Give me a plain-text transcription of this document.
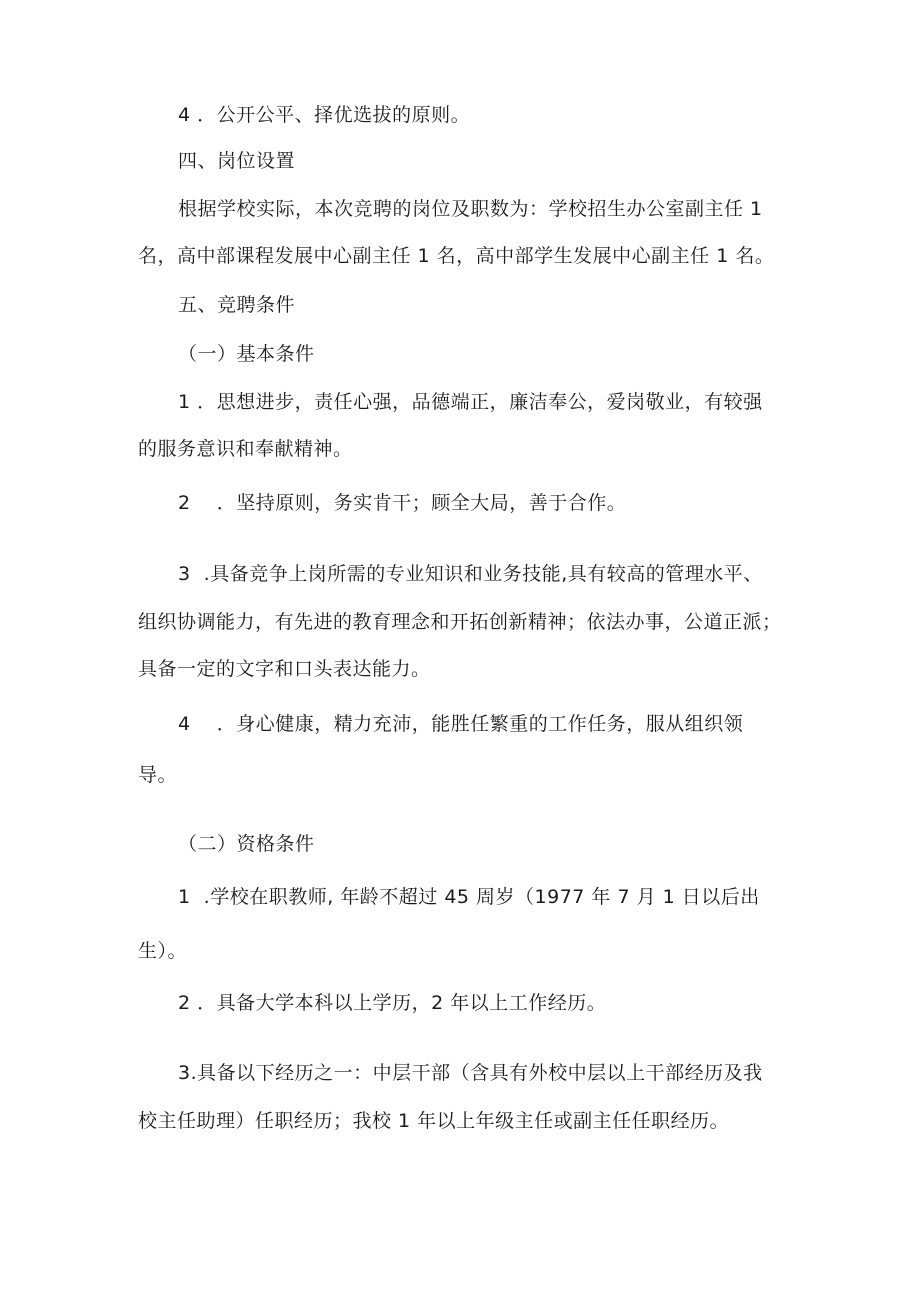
4 ．公开公平、择优选拔的原则。
四、岗位设置
根据学校实际，本次竞聘的岗位及职数为：学校招生办公室副主任 1
名，高中部课程发展中心副主任 1 名，高中部学生发展中心副主任 1 名。
五、竞聘条件
（一）基本条件
1 ．思想进步，责任心强，品德端正，廉洁奉公，爱岗敬业，有较强
的服务意识和奉献精神。
2    ．坚持原则，务实肯干；顾全大局，善于合作。
3  .具备竞争上岗所需的专业知识和业务技能,具有较高的管理水平、
组织协调能力，有先进的教育理念和开拓创新精神；依法办事，公道正派；
具备一定的文字和口头表达能力。
4    ．身心健康，精力充沛，能胜任繁重的工作任务，服从组织领
导。
（二）资格条件
1  .学校在职教师, 年龄不超过 45 周岁（1977 年 7 月 1 日以后出
生）。
2 ．具备大学本科以上学历，2 年以上工作经历。
3.具备以下经历之一：中层干部（含具有外校中层以上干部经历及我
校主任助理）任职经历；我校 1 年以上年级主任或副主任任职经历。
